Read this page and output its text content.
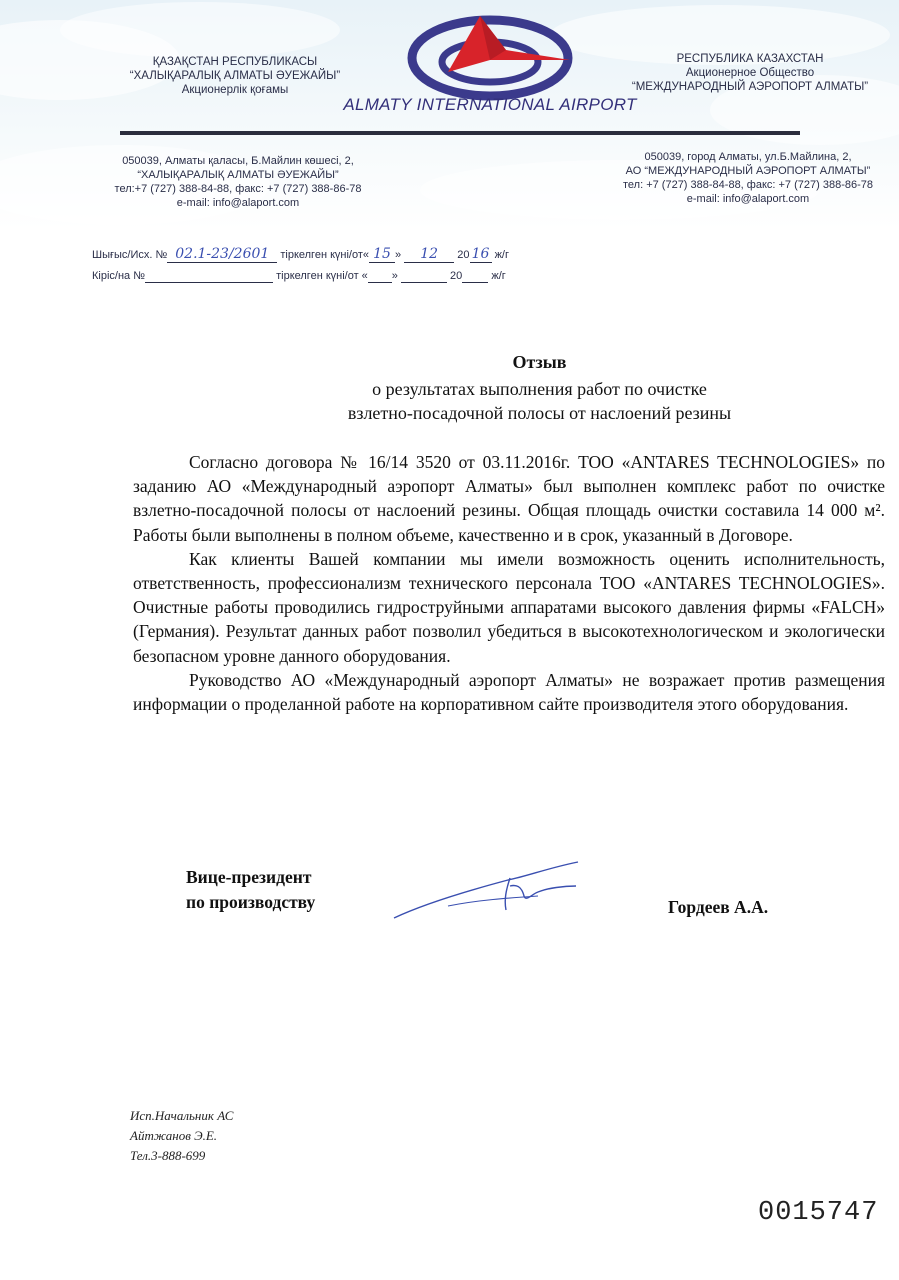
ҚАЗАҚСТАН РЕСПУБЛИКАСЫ
“ХАЛЫҚАРАЛЫҚ АЛМАТЫ ӘУЕЖАЙЫ”
Акционерлік қоғамы
ALMATY INTERNATIONAL AIRPORT
РЕСПУБЛИКА КАЗАХСТАН
Акционерное Общество
“МЕЖДУНАРОДНЫЙ АЭРОПОРТ АЛМАТЫ”
050039, Алматы қаласы, Б.Майлин көшесі, 2,
“ХАЛЫҚАРАЛЫҚ АЛМАТЫ ӘУЕЖАЙЫ”
тел:+7 (727) 388-84-88, факс: +7 (727) 388-86-78
e-mail: info@alaport.com
050039, город Алматы, ул.Б.Майлина, 2,
АО “МЕЖДУНАРОДНЫЙ АЭРОПОРТ АЛМАТЫ”
тел: +7 (727) 388-84-88, факс: +7 (727) 388-86-78
e-mail: info@alaport.com
Шығыс/Исх. № 02.1-23/2601 тіркелген күні/от« 15 » 12 20 16 ж/г
Кіріс/на №	тіркелген күні/от « »	20	ж/г
Отзыв
о результатах выполнения работ по очистке
взлетно-посадочной полосы от наслоений резины

Согласно договора № 16/14 3520 от 03.11.2016г. ТОО «ANTARES TECHNOLOGIES» по заданию АО «Международный аэропорт Алматы» был выполнен комплекс работ по очистке взлетно-посадочной полосы от наслоений резины. Общая площадь очистки составила 14 000 м². Работы были выполнены в полном объеме, качественно и в срок, указанный в Договоре.

Как клиенты Вашей компании мы имели возможность оценить исполнительность, ответственность, профессионализм технического персонала ТОО «ANTARES TECHNOLOGIES». Очистные работы проводились гидроструйными аппаратами высокого давления фирмы «FALCH» (Германия). Результат данных работ позволил убедиться в высокотехнологическом и экологически безопасном уровне данного оборудования.

Руководство АО «Международный аэропорт Алматы» не возражает против размещения информации о проделанной работе на корпоративном сайте производителя этого оборудования.

Вице-президент
по производству	Гордеев А.А.
Исп.Начальник АС
Айтжанов Э.Е.
Тел.3-888-699
0015747
